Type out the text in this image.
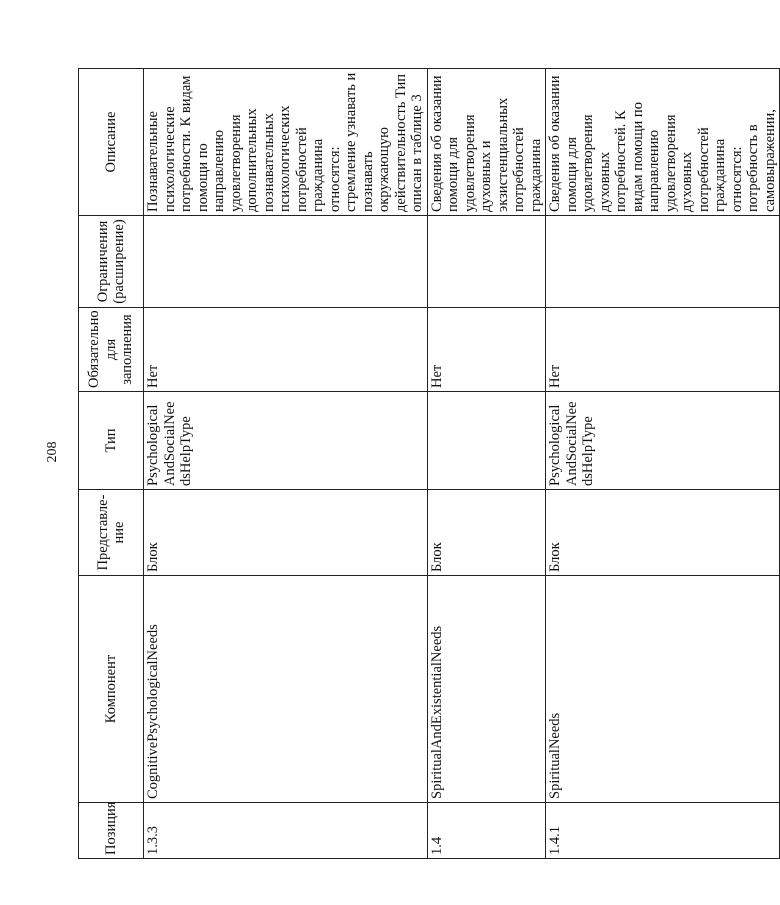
208
Позиция	Компонент	Представле-ние	Тип	Обязательно для заполнения	Ограничения (расширение)	Описание
1.3.3	CognitivePsychologicalNeeds	Блок	PsychologicalAndSocialNeedsHelpType	Нет		Познавательные психологические потребности. К видам помощи по направлению удовлетворения дополнительных познавательных психологических потребностей гражданина относятся: стремление узнавать и познавать окружающую действительность Тип описан в таблице 3
1.4	SpiritualAndExistentialNeeds	Блок		Нет		Сведения об оказании помощи для удовлетворения духовных и экзистенциальных потребностей гражданина
1.4.1	SpiritualNeeds	Блок	PsychologicalAndSocialNeedsHelpType	Нет		Сведения об оказании помощи для удовлетворения духовных потребностей. К видам помощи по направлению удовлетворения духовных потребностей гражданина относятся: потребность в самовыражении,
